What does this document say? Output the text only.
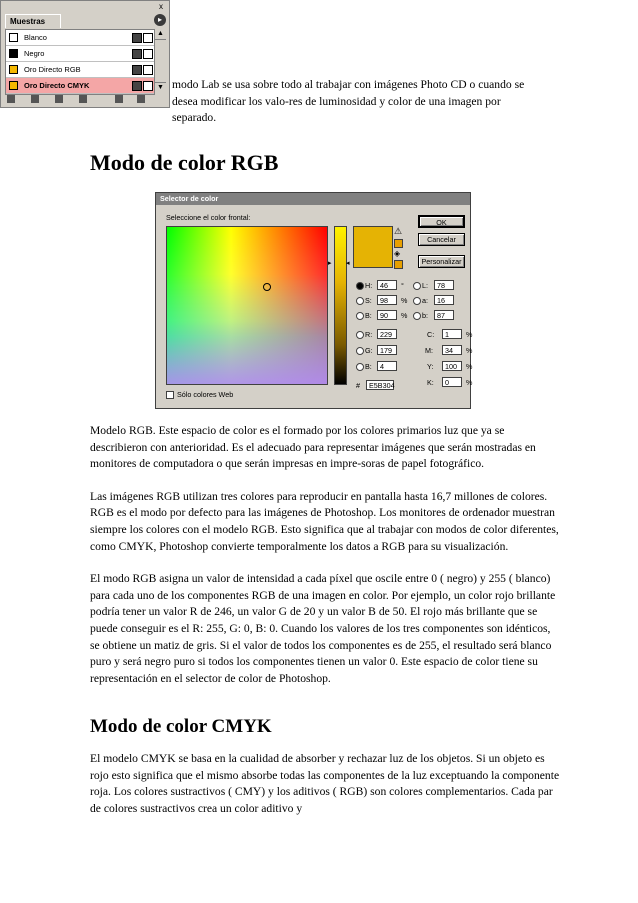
x
Muestras	▸
Blanco
Negro
Oro Directo RGB
Oro Directo CMYK
▲
▼ modo Lab se usa sobre todo al trabajar con imágenes Photo CD o cuando se desea modificar los valo-res de luminosidad y color de una imagen por separado.
Modo de color RGB
Selector de color
Seleccione el color frontal:
▸ ◂
⚠
◈
OK
Cancelar
Personalizar
H:	46	°
S:	98	%
B:	90	%
L:	78
a:	16
b:	87
R:	229
G:	179
B:	4
C:	1	%
M:	34	%
Y:	100	%
K:	0	%
#	E5B304
Sólo colores Web

Modelo RGB. Este espacio de color es el formado por los colores primarios luz que ya se describieron con anterioridad. Es el adecuado para representar imágenes que serán mostradas en monitores de computadora o que serán impresas en impre-soras de papel fotográfico.

Las imágenes RGB utilizan tres colores para reproducir en pantalla hasta 16,7 millones de colores. RGB es el modo por defecto para las imágenes de Photoshop. Los monitores de ordenador muestran siempre los colores con el modelo RGB. Esto significa que al trabajar con modos de color diferentes, como CMYK, Photoshop convierte temporalmente los datos a RGB para su visualización.

El modo RGB asigna un valor de intensidad a cada píxel que oscile entre 0 ( negro) y 255 ( blanco) para cada uno de los componentes RGB de una imagen en color. Por ejemplo, un color rojo brillante podría tener un valor R de 246, un valor G de 20 y un valor B de 50. El rojo más brillante que se puede conseguir es el R: 255, G: 0, B: 0. Cuando los valores de los tres componentes son idénticos, se obtiene un matiz de gris. Si el valor de todos los componentes es de 255, el resultado será blanco puro y será negro puro si todos los componentes tienen un valor 0. Este espacio de color tiene su representación en el selector de color de Photoshop.

Modo de color CMYK

El modelo CMYK se basa en la cualidad de absorber y rechazar luz de los objetos. Si un objeto es rojo esto significa que el mismo absorbe todas las componentes de la luz exceptuando la componente roja. Los colores sustractivos ( CMY) y los aditivos ( RGB) son colores complementarios. Cada par de colores sustractivos crea un color aditivo y
